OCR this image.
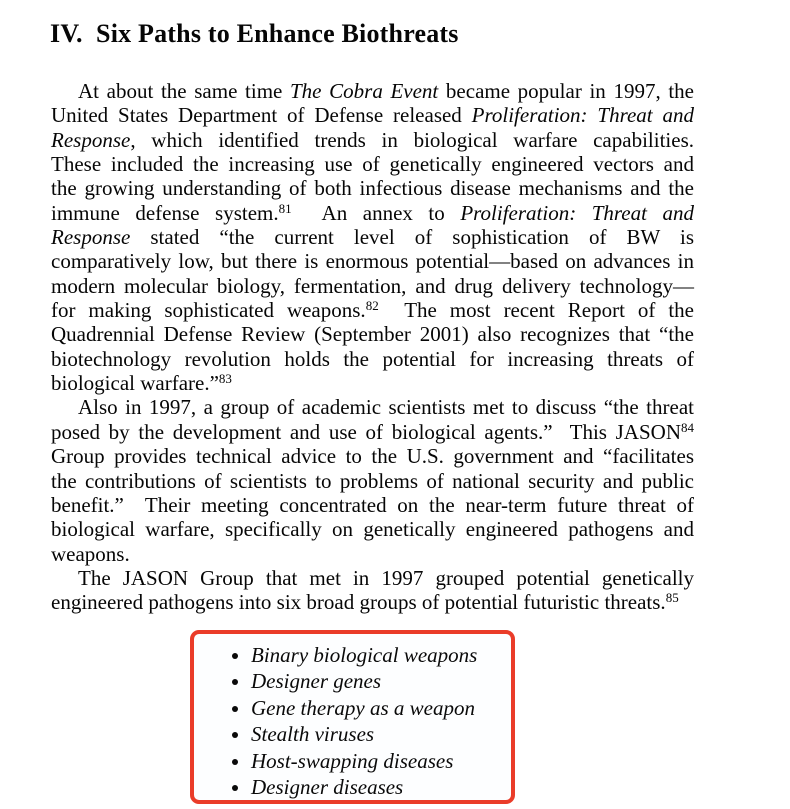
IV.  Six Paths to Enhance Biothreats
At about the same time The Cobra Event became popular in 1997, the
United States Department of Defense released Proliferation: Threat and
Response, which identified trends in biological warfare capabilities.
These included the increasing use of genetically engineered vectors and
the growing understanding of both infectious disease mechanisms and the
immune defense system.$^{81}$  An annex to Proliferation: Threat and
Response stated “the current level of sophistication of BW is
comparatively low, but there is enormous potential—based on advances in
modern molecular biology, fermentation, and drug delivery technology—
for making sophisticated weapons.$^{82}$  The most recent Report of the
Quadrennial Defense Review (September 2001) also recognizes that “the
biotechnology revolution holds the potential for increasing threats of
biological warfare.”$^{83}$
Also in 1997, a group of academic scientists met to discuss “the threat
posed by the development and use of biological agents.”  This JASON$^{84}$
Group provides technical advice to the U.S. government and “facilitates
the contributions of scientists to problems of national security and public
benefit.”  Their meeting concentrated on the near-term future threat of
biological warfare, specifically on genetically engineered pathogens and
weapons.
The JASON Group that met in 1997 grouped potential genetically
engineered pathogens into six broad groups of potential futuristic threats.$^{85}$
• Binary biological weapons
• Designer genes
• Gene therapy as a weapon
• Stealth viruses
• Host-swapping diseases
• Designer diseases
